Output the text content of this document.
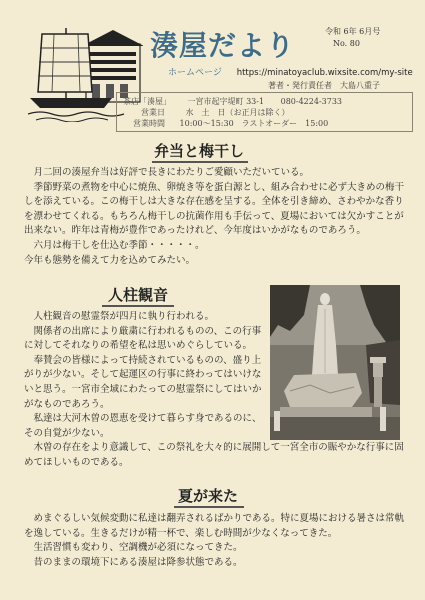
湊屋だより	令和 6年 6月号
No. 80
ホームページ https://minatoyaclub.wixsite.com/my-site
著者・発行責任者　大島八重子
茶店「湊屋」 一宮市起字堤町 33-1 080-4224-3733
営業日	水　土　日（お正月は除く）
営業時間 10:00～15:30　ラストオーダー　15:00
弁当と梅干し

月二回の湊屋弁当は好評で長きにわたりご愛顧いただいている。

季節野菜の煮物を中心に焼魚、卵焼き等を蛋白源とし、組み合わせに必ず大きめの梅干しを添えている。この梅干しは大きな存在感を呈する。全体を引き締め、さわやかな香りを漂わせてくれる。もちろん梅干しの抗菌作用も手伝って、夏場においては欠かすことが出来ない。昨年は青梅が豊作であったけれど、今年度はいかがなものであろう。

六月は梅干しを仕込む季節・・・・・。

今年も態勢を備えて力を込めてみたい。

人柱観音

人柱観音の慰霊祭が四月に執り行われる。

関係者の出席により厳粛に行われるものの、この行事に対してそれなりの希望を私は思いめぐらしている。

奉賛会の皆様によって持続されているものの、盛り上がりが少ない。そして起運区の行事に終わってはいけないと思う。一宮市全域にわたっての慰霊祭にしてはいかがなものであろう。

私達は大河木曽の恩恵を受けて暮らす身であるのに、その自覚が少ない。

木曽の存在をより意識して、この祭礼を大々的に展開して一宮全市の賑やかな行事に固めてほしいものである。

夏が来た

めまぐるしい気候変動に私達は翻弄されるばかりである。特に夏場における暑さは常軌を逸している。生きるだけが精一杯で、楽しむ時間が少なくなってきた。

生活習慣も変わり、空調機が必須になってきた。

昔のままの環境下にある湊屋は降参状態である。
